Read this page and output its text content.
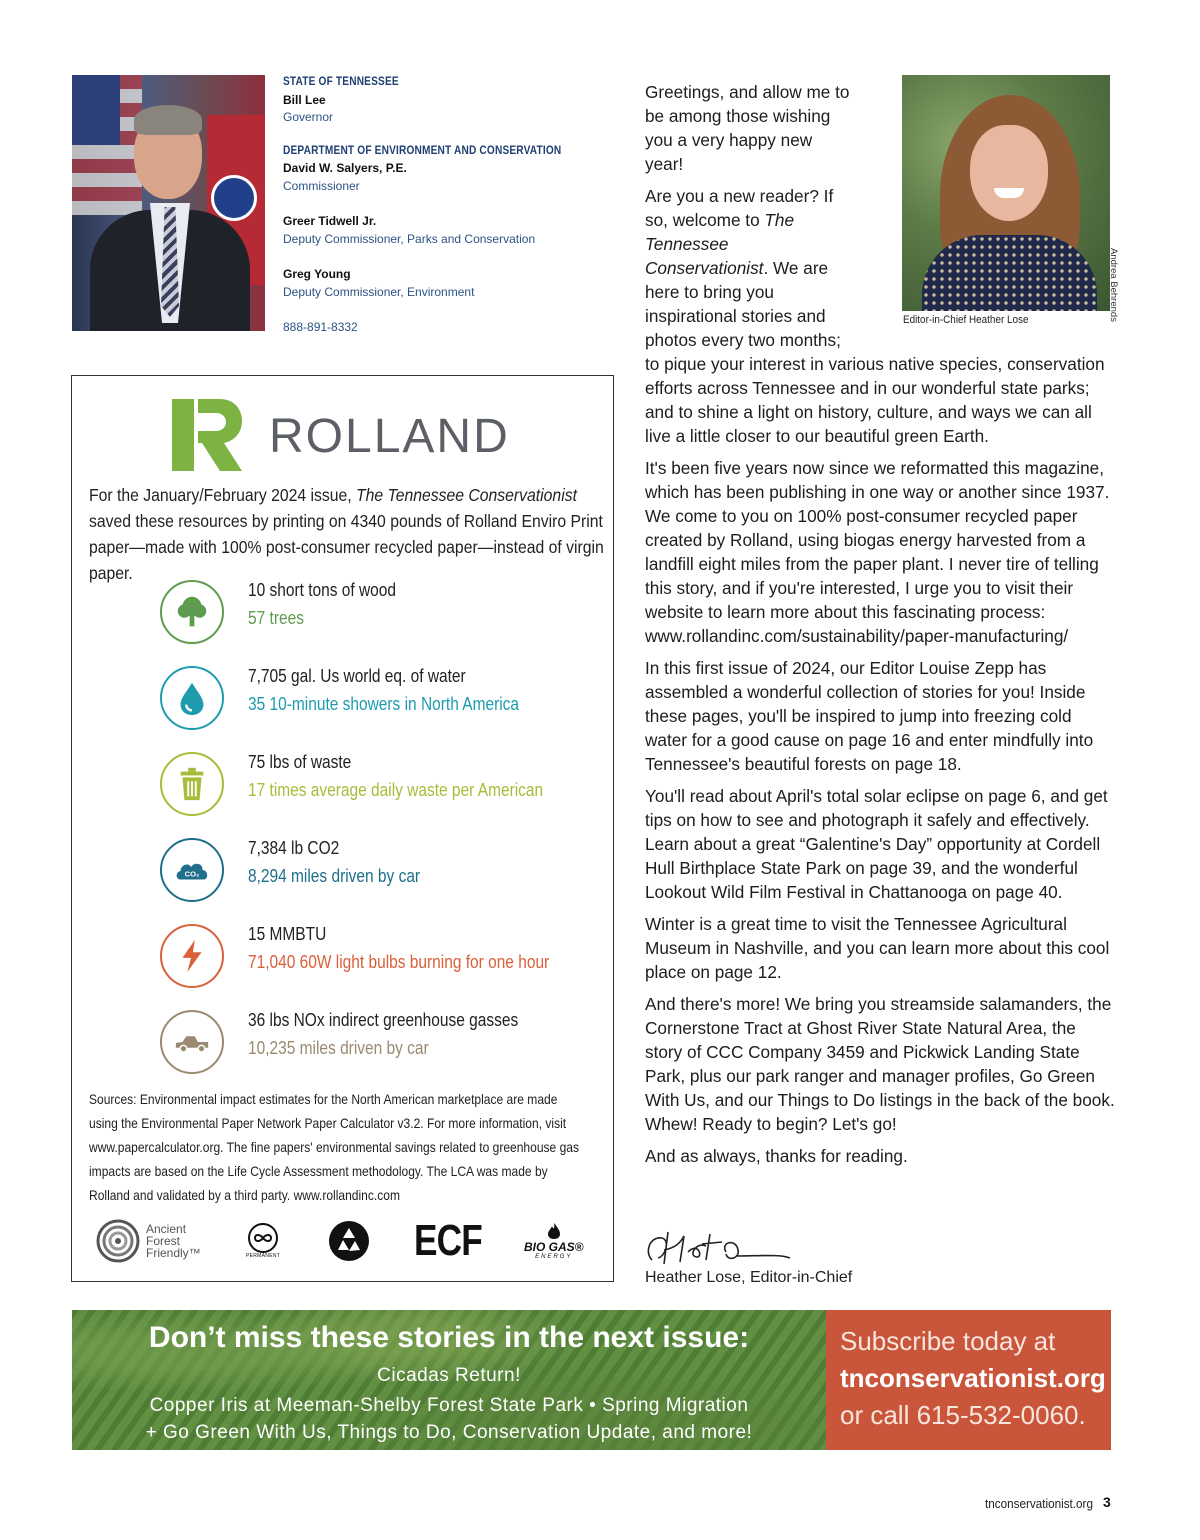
STATE OF TENNESSEE
Bill Lee
Governor
DEPARTMENT OF ENVIRONMENT AND CONSERVATION
David W. Salyers, P.E.
Commissioner
Greer Tidwell Jr.
Deputy Commissioner, Parks and Conservation
Greg Young
Deputy Commissioner, Environment
888-891-8332
ROLLAND
For the January/February 2024 issue, The Tennessee Conservationist saved these resources by printing on 4340 pounds of Rolland Enviro Print paper—made with 100% post-consumer recycled paper—instead of virgin paper.
10 short tons of wood
57 trees
7,705 gal. Us world eq. of water
35 10-minute showers in North America
75 lbs of waste
17 times average daily waste per American
CO₂
7,384 lb CO2
8,294 miles driven by car
15 MMBTU
71,040 60W light bulbs burning for one hour
36 lbs NOx indirect greenhouse gasses
10,235 miles driven by car
Sources: Environmental impact estimates for the North American marketplace are made using the Environmental Paper Network Paper Calculator v3.2. For more information, visit www.papercalculator.org. The fine papers' environmental savings related to greenhouse gas impacts are based on the Life Cycle Assessment methodology. The LCA was made by Rolland and validated by a third party. www.rollandinc.com
Ancient
Forest
Friendly™	PERMANENT	ECF	BIO GAS®
ENERGY
Andrea Behrends
Editor-in-Chief Heather Lose

Greetings, and allow me to be among those wishing you a very happy new year!

Are you a new reader? If so, welcome to The Tennessee Conservationist. We are here to bring you inspirational stories and photos every two months; to pique your interest in various native species, conservation efforts across Tennessee and in our wonderful state parks; and to shine a light on history, culture, and ways we can all live a little closer to our beautiful green Earth.

It's been five years now since we reformatted this magazine, which has been publishing in one way or another since 1937. We come to you on 100% post-consumer recycled paper created by Rolland, using biogas energy harvested from a landfill eight miles from the paper plant. I never tire of telling this story, and if you're interested, I urge you to visit their website to learn more about this fascinating process: www.rollandinc.com/sustainability/paper-manufacturing/

In this first issue of 2024, our Editor Louise Zepp has assembled a wonderful collection of stories for you! Inside these pages, you'll be inspired to jump into freezing cold water for a good cause on page 16 and enter mindfully into Tennessee's beautiful forests on page 18.

You'll read about April's total solar eclipse on page 6, and get tips on how to see and photograph it safely and effectively. Learn about a great “Galentine's Day” opportunity at Cordell Hull Birthplace State Park on page 39, and the wonderful Lookout Wild Film Festival in Chattanooga on page 40.

Winter is a great time to visit the Tennessee Agricultural Museum in Nashville, and you can learn more about this cool place on page 12.

And there's more! We bring you streamside salamanders, the Cornerstone Tract at Ghost River State Natural Area, the story of CCC Company 3459 and Pickwick Landing State Park, plus our park ranger and manager profiles, Go Green With Us, and our Things to Do listings in the back of the book. Whew! Ready to begin? Let's go!

And as always, thanks for reading.

Heather Lose, Editor-in-Chief
Don’t miss these stories in the next issue:
Cicadas Return!
Copper Iris at Meeman-Shelby Forest State Park • Spring Migration
+ Go Green With Us, Things to Do, Conservation Update, and more!
Subscribe today at
tnconservationist.org
or call 615-532-0060.
tnconservationist.org 3
